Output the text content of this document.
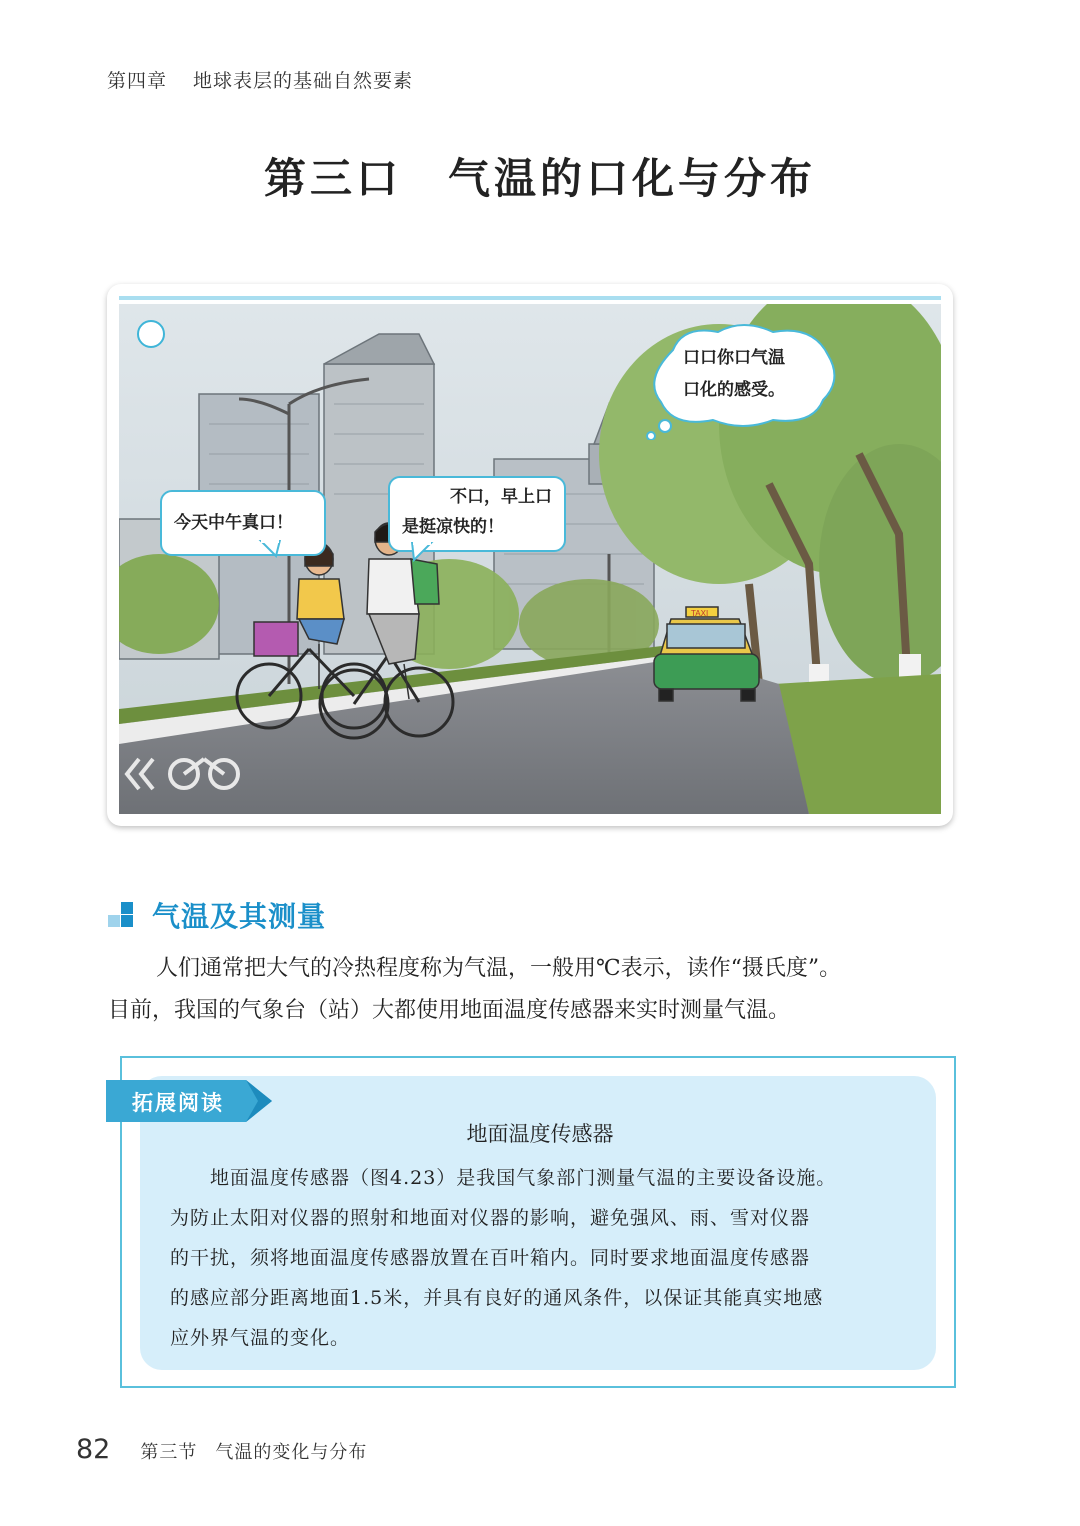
第四章 地球表层的基础自然要素
第三口　气温的口化与分布
TAXI
今天中午真口！
不口，早上口
是挺凉快的！
口口你口气温
口化的感受。
气温及其测量

人们通常把大气的冷热程度称为气温，一般用℃表示，读作“摄氏度”。

目前，我国的气象台（站）大都使用地面温度传感器来实时测量气温。

拓展阅读
地面温度传感器

地面温度传感器（图4.23）是我国气象部门测量气温的主要设备设施。

为防止太阳对仪器的照射和地面对仪器的影响，避免强风、雨、雪对仪器

的干扰，须将地面温度传感器放置在百叶箱内。同时要求地面温度传感器

的感应部分距离地面1.5米，并具有良好的通风条件，以保证其能真实地感

应外界气温的变化。

82 第三节 气温的变化与分布
